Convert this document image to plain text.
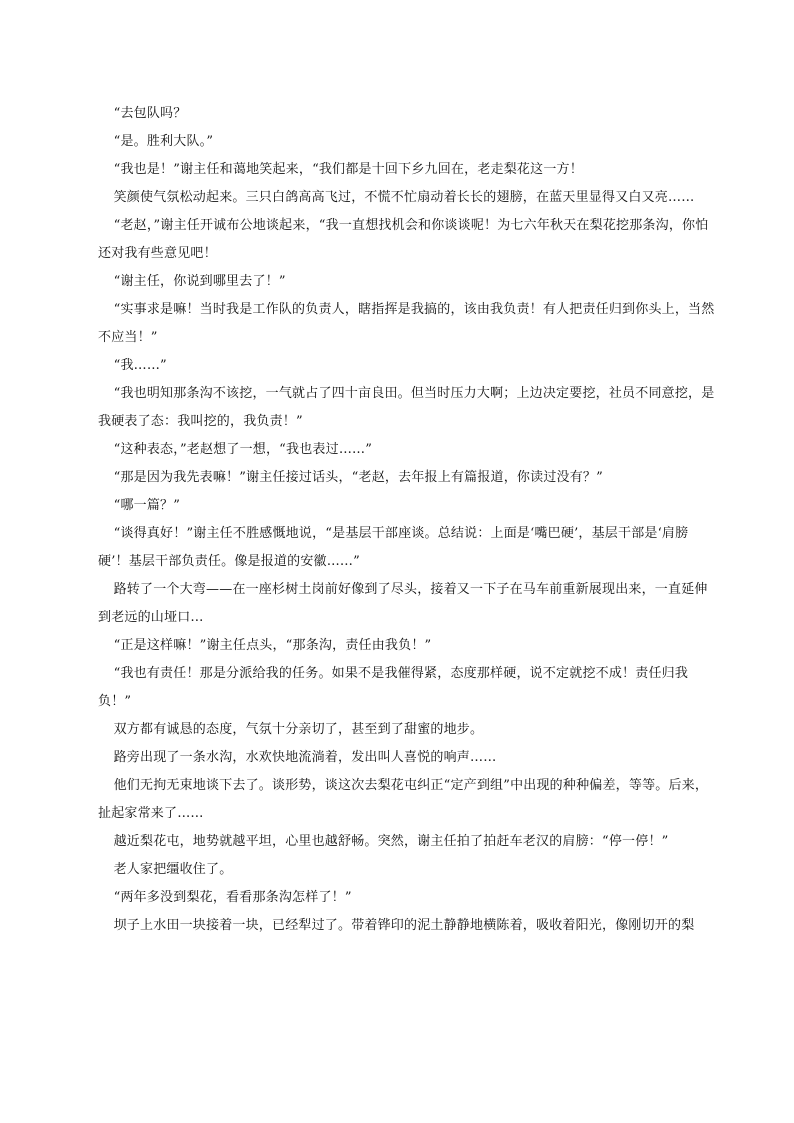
“去包队吗？

“是。胜利大队。”

“我也是！”谢主任和蔼地笑起来，“我们都是十回下乡九回在，老走梨花这一方！

笑颜使气氛松动起来。三只白鸽高高飞过，不慌不忙扇动着长长的翅膀，在蓝天里显得又白又亮……

“老赵，”谢主任开诚布公地谈起来，“我一直想找机会和你谈谈呢！为七六年秋天在梨花挖那条沟，你怕还对我有些意见吧！

“谢主任，你说到哪里去了！”

“实事求是嘛！当时我是工作队的负责人，瞎指挥是我搞的，该由我负责！有人把责任归到你头上，当然不应当！”

“我……”

“我也明知那条沟不该挖，一气就占了四十亩良田。但当时压力大啊；上边决定要挖，社员不同意挖，是我硬表了态：我叫挖的，我负责！”

“这种表态，”老赵想了一想，“我也表过……”

“那是因为我先表嘛！”谢主任接过话头，“老赵，去年报上有篇报道，你读过没有？”

“哪一篇？”

“谈得真好！”谢主任不胜感慨地说，“是基层干部座谈。总结说：上面是‘嘴巴硬’，基层干部是‘肩膀硬’！基层干部负责任。像是报道的安徽……”

路转了一个大弯——在一座杉树土岗前好像到了尽头，接着又一下子在马车前重新展现出来，一直延伸到老远的山垭口…

“正是这样嘛！”谢主任点头，“那条沟，责任由我负！”

“我也有责任！那是分派给我的任务。如果不是我催得紧，态度那样硬，说不定就挖不成！责任归我负！”

双方都有诚恳的态度，气氛十分亲切了，甚至到了甜蜜的地步。

路旁出现了一条水沟，水欢快地流淌着，发出叫人喜悦的响声……

他们无拘无束地谈下去了。谈形势，谈这次去梨花屯纠正“定产到组”中出现的种种偏差，等等。后来，扯起家常来了……

越近梨花屯，地势就越平坦，心里也越舒畅。突然，谢主任拍了拍赶车老汉的肩膀：“停一停！”

老人家把缰收住了。

“两年多没到梨花，看看那条沟怎样了！”

坝子上水田一块接着一块，已经犁过了。带着铧印的泥土静静地横陈着，吸收着阳光，像刚切开的梨
